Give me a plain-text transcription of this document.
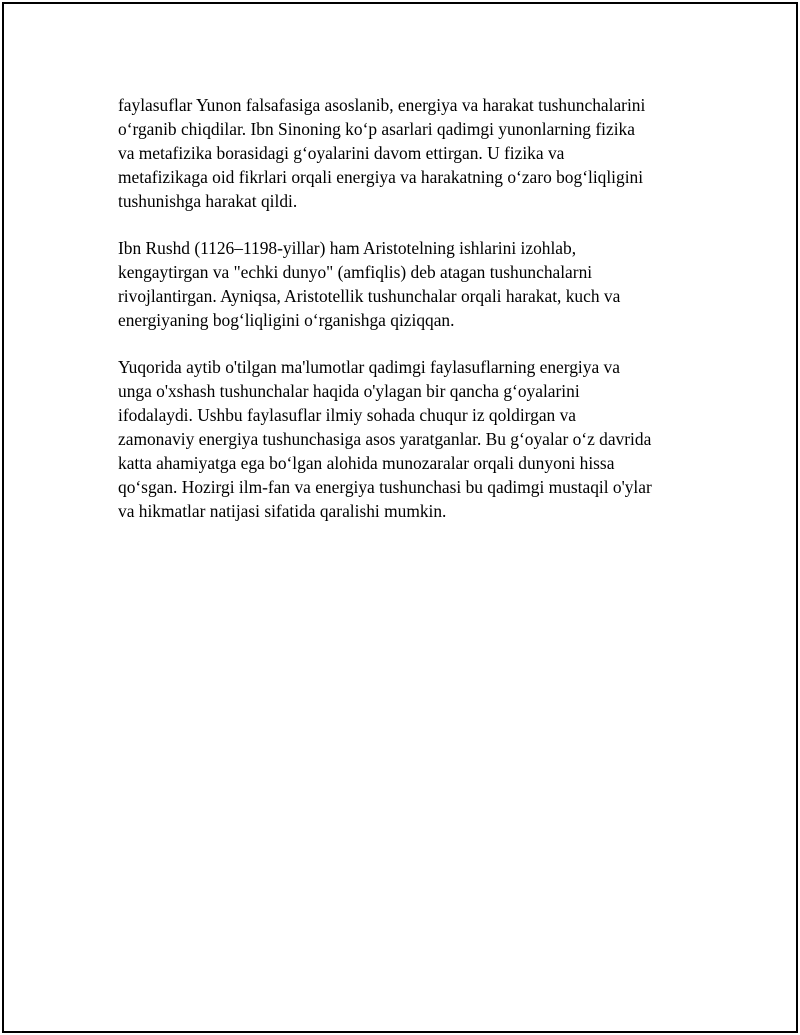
faylasuflar Yunon falsafasiga asoslanib, energiya va harakat tushunchalarini
o‘rganib chiqdilar. Ibn Sinoning ko‘p asarlari qadimgi yunonlarning fizika
va metafizika borasidagi g‘oyalarini davom ettirgan. U fizika va
metafizikaga oid fikrlari orqali energiya va harakatning o‘zaro bog‘liqligini
tushunishga harakat qildi.

Ibn Rushd (1126–1198-yillar) ham Aristotelning ishlarini izohlab,
kengaytirgan va "echki dunyo" (amfiqlis) deb atagan tushunchalarni
rivojlantirgan. Ayniqsa, Aristotellik tushunchalar orqali harakat, kuch va
energiyaning bog‘liqligini o‘rganishga qiziqqan.

Yuqorida aytib o'tilgan ma'lumotlar qadimgi faylasuflarning energiya va
unga o'xshash tushunchalar haqida o'ylagan bir qancha g‘oyalarini
ifodalaydi. Ushbu faylasuflar ilmiy sohada chuqur iz qoldirgan va
zamonaviy energiya tushunchasiga asos yaratganlar. Bu g‘oyalar o‘z davrida
katta ahamiyatga ega bo‘lgan alohida munozaralar orqali dunyoni hissa
qo‘sgan. Hozirgi ilm-fan va energiya tushunchasi bu qadimgi mustaqil o'ylar
va hikmatlar natijasi sifatida qaralishi mumkin.
